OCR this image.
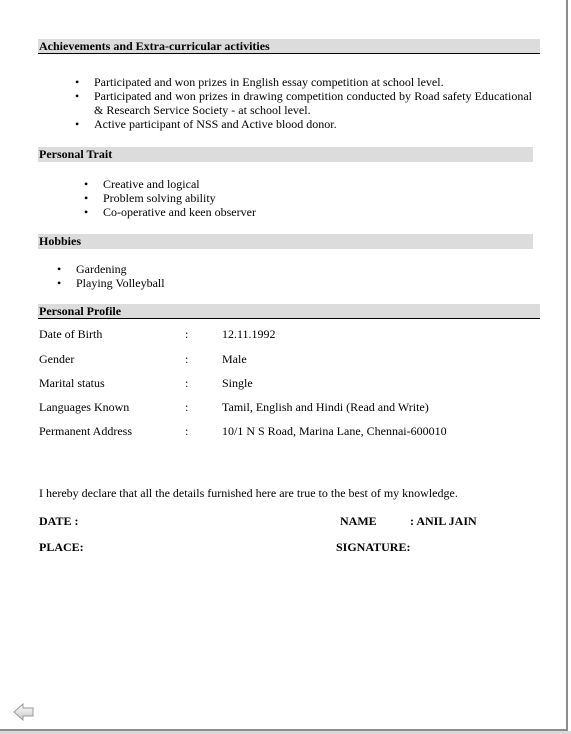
Achievements and Extra-curricular activities
• Participated and won prizes in English essay competition at school level.
• Participated and won prizes in drawing competition conducted by Road safety Educational & Research Service Society - at school level.
• Active participant of NSS and Active blood donor.
Personal Trait
• Creative and logical
• Problem solving ability
• Co-operative and keen observer
Hobbies
• Gardening
• Playing Volleyball
Personal Profile
Date of Birth	:	12.11.1992
Gender	:	Male
Marital status	:	Single
Languages Known	:	Tamil, English and Hindi (Read and Write)
Permanent Address	:	10/1 N S Road, Marina Lane, Chennai-600010
I hereby declare that all the details furnished here are true to the best of my knowledge.
DATE :	NAME	: ANIL JAIN
PLACE:	SIGNATURE:
